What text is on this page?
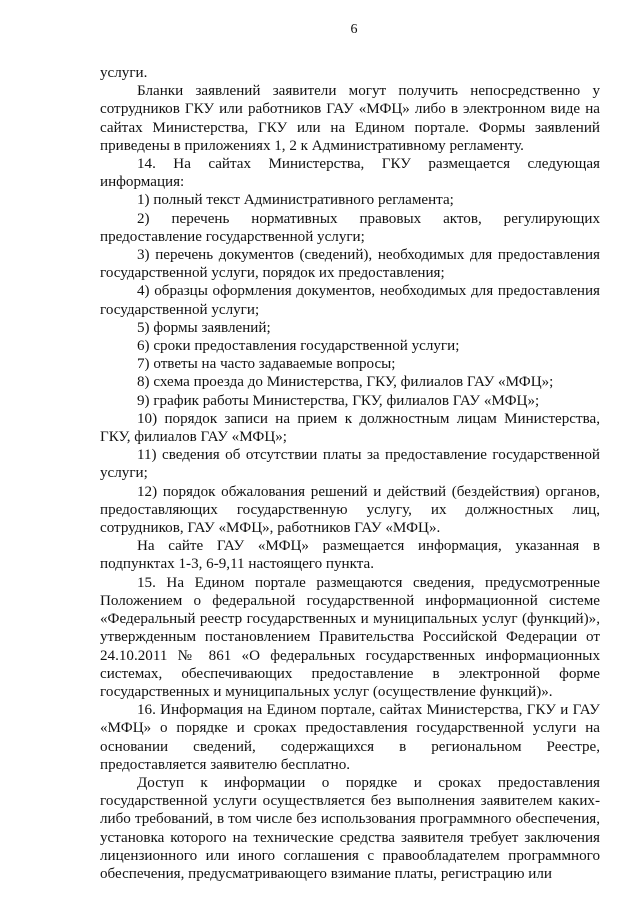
6

услуги.

Бланки заявлений заявители могут получить непосредственно у сотрудников ГКУ или работников ГАУ «МФЦ» либо в электронном виде на сайтах Министерства, ГКУ или на Едином портале. Формы заявлений приведены в приложениях 1, 2 к Административному регламенту.

14. На сайтах Министерства, ГКУ размещается следующая информация:

1) полный текст Административного регламента;

2) перечень нормативных правовых актов, регулирующих предоставление государственной услуги;

3) перечень документов (сведений), необходимых для предоставления государственной услуги, порядок их предоставления;

4) образцы оформления документов, необходимых для предоставления государственной услуги;

5) формы заявлений;

6) сроки предоставления государственной услуги;

7) ответы на часто задаваемые вопросы;

8) схема проезда до Министерства, ГКУ, филиалов ГАУ «МФЦ»;

9) график работы Министерства, ГКУ, филиалов ГАУ «МФЦ»;

10) порядок записи на прием к должностным лицам Министерства, ГКУ, филиалов ГАУ «МФЦ»;

11) сведения об отсутствии платы за предоставление государственной услуги;

12) порядок обжалования решений и действий (бездействия) органов, предоставляющих государственную услугу, их должностных лиц, сотрудников, ГАУ «МФЦ», работников ГАУ «МФЦ».

На сайте ГАУ «МФЦ» размещается информация, указанная в подпунктах 1-3, 6-9,11 настоящего пункта.

15. На Едином портале размещаются сведения, предусмотренные Положением о федеральной государственной информационной системе «Федеральный реестр государственных и муниципальных услуг (функций)», утвержденным постановлением Правительства Российской Федерации от 24.10.2011 № 861 «О федеральных государственных информационных системах, обеспечивающих предоставление в электронной форме государственных и муниципальных услуг (осуществление функций)».

16. Информация на Едином портале, сайтах Министерства, ГКУ и ГАУ «МФЦ» о порядке и сроках предоставления государственной услуги на основании сведений, содержащихся в региональном Реестре, предоставляется заявителю бесплатно.

Доступ к информации о порядке и сроках предоставления государственной услуги осуществляется без выполнения заявителем каких-либо требований, в том числе без использования программного обеспечения, установка которого на технические средства заявителя требует заключения лицензионного или иного соглашения с правообладателем программного обеспечения, предусматривающего взимание платы, регистрацию или
